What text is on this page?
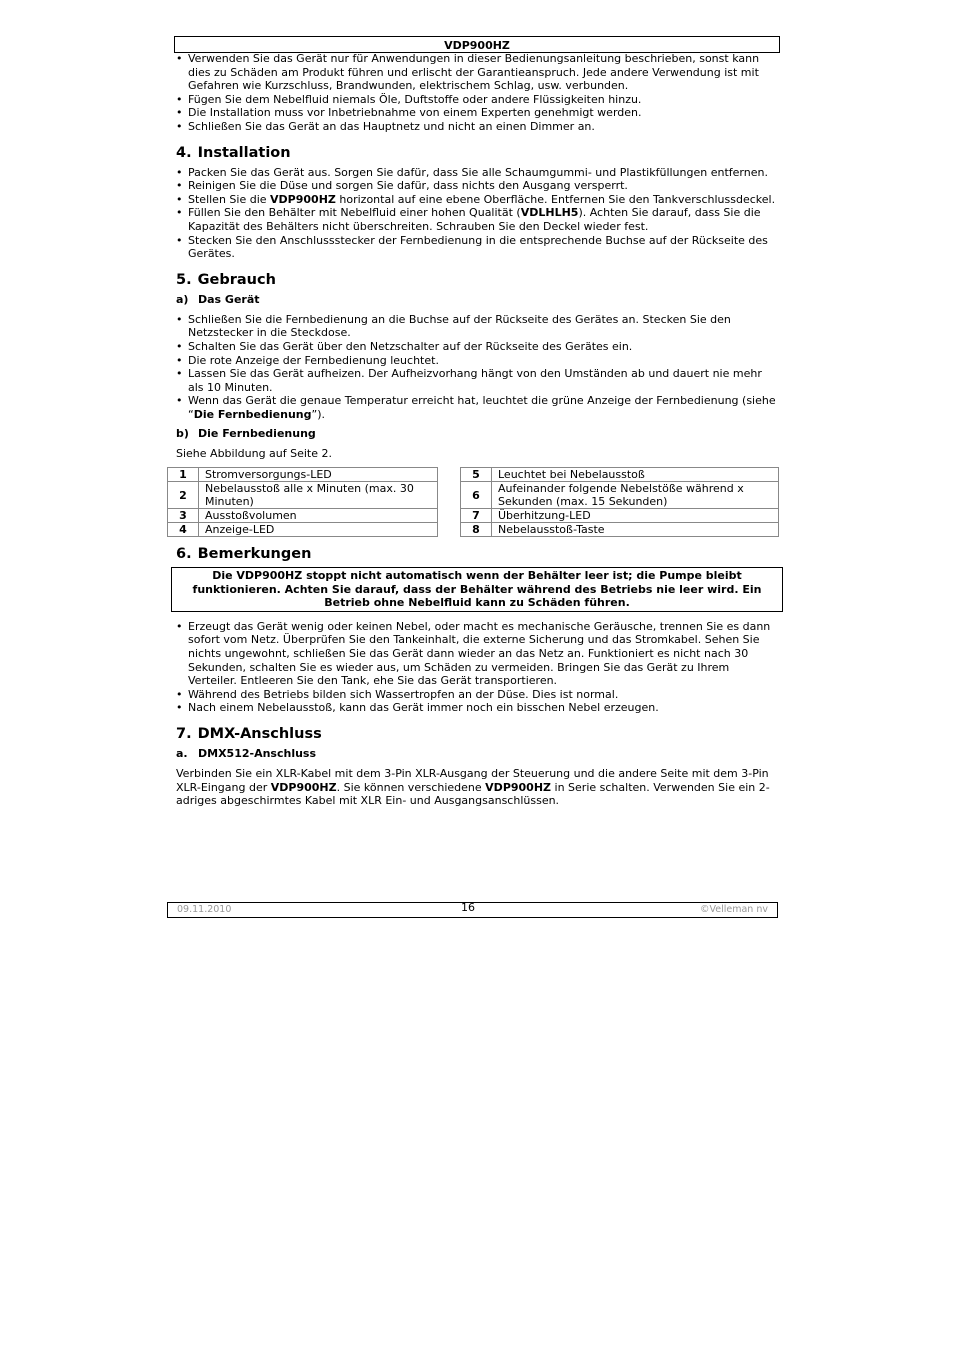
VDP900HZ
• Verwenden Sie das Gerät nur für Anwendungen in dieser Bedienungsanleitung beschrieben, sonst kann dies zu Schäden am Produkt führen und erlischt der Garantieanspruch. Jede andere Verwendung ist mit Gefahren wie Kurzschluss, Brandwunden, elektrischem Schlag, usw. verbunden.
• Fügen Sie dem Nebelfluid niemals Öle, Duftstoffe oder andere Flüssigkeiten hinzu.
• Die Installation muss vor Inbetriebnahme von einem Experten genehmigt werden.
• Schließen Sie das Gerät an das Hauptnetz und nicht an einen Dimmer an.
4. Installation
• Packen Sie das Gerät aus. Sorgen Sie dafür, dass Sie alle Schaumgummi- und Plastikfüllungen entfernen.
• Reinigen Sie die Düse und sorgen Sie dafür, dass nichts den Ausgang versperrt.
• Stellen Sie die VDP900HZ horizontal auf eine ebene Oberfläche. Entfernen Sie den Tankverschlussdeckel.
• Füllen Sie den Behälter mit Nebelfluid einer hohen Qualität (VDLHLH5). Achten Sie darauf, dass Sie die Kapazität des Behälters nicht überschreiten. Schrauben Sie den Deckel wieder fest.
• Stecken Sie den Anschlussstecker der Fernbedienung in die entsprechende Buchse auf der Rückseite des Gerätes.
5. Gebrauch
a) Das Gerät
• Schließen Sie die Fernbedienung an die Buchse auf der Rückseite des Gerätes an. Stecken Sie den Netzstecker in die Steckdose.
• Schalten Sie das Gerät über den Netzschalter auf der Rückseite des Gerätes ein.
• Die rote Anzeige der Fernbedienung leuchtet.
• Lassen Sie das Gerät aufheizen. Der Aufheizvorhang hängt von den Umständen ab und dauert nie mehr als 10 Minuten.
• Wenn das Gerät die genaue Temperatur erreicht hat, leuchtet die grüne Anzeige der Fernbedienung (siehe “Die Fernbedienung”).
b) Die Fernbedienung

Siehe Abbildung auf Seite 2.

1	Stromversorgungs-LED
2	Nebelausstoß alle x Minuten (max. 30 Minuten)
3	Ausstoßvolumen
4	Anzeige-LED
5	Leuchtet bei Nebelausstoß
6	Aufeinander folgende Nebelstöße während x Sekunden (max. 15 Sekunden)
7	Überhitzung-LED
8	Nebelausstoß-Taste
6. Bemerkungen
Die VDP900HZ stoppt nicht automatisch wenn der Behälter leer ist; die Pumpe bleibt funktionieren. Achten Sie darauf, dass der Behälter während des Betriebs nie leer wird. Ein Betrieb ohne Nebelfluid kann zu Schäden führen.
• Erzeugt das Gerät wenig oder keinen Nebel, oder macht es mechanische Geräusche, trennen Sie es dann sofort vom Netz. Überprüfen Sie den Tankeinhalt, die externe Sicherung und das Stromkabel. Sehen Sie nichts ungewohnt, schließen Sie das Gerät dann wieder an das Netz an. Funktioniert es nicht nach 30 Sekunden, schalten Sie es wieder aus, um Schäden zu vermeiden. Bringen Sie das Gerät zu Ihrem Verteiler. Entleeren Sie den Tank, ehe Sie das Gerät transportieren.
• Während des Betriebs bilden sich Wassertropfen an der Düse. Dies ist normal.
• Nach einem Nebelausstoß, kann das Gerät immer noch ein bisschen Nebel erzeugen.
7. DMX-Anschluss
a. DMX512-Anschluss

Verbinden Sie ein XLR-Kabel mit dem 3-Pin XLR-Ausgang der Steuerung und die andere Seite mit dem 3-Pin XLR-Eingang der VDP900HZ. Sie können verschiedene VDP900HZ in Serie schalten. Verwenden Sie ein 2- adriges abgeschirmtes Kabel mit XLR Ein- und Ausgangsanschlüssen.

09.11.2010	16	©Velleman nv
